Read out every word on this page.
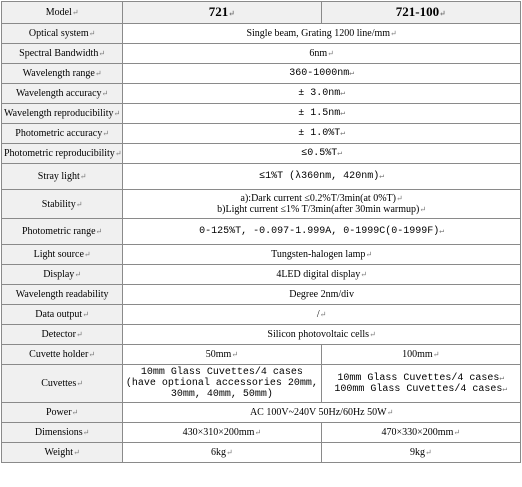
Model↵	721↵	721-100↵
Optical system↵	Single beam, Grating 1200 line/mm↵	
Spectral Bandwidth↵	6nm↵	
Wavelength range↵	360-1000nm↵	
Wavelength accuracy↵	± 3.0nm↵	
Wavelength reproducibility↵	± 1.5nm↵	
Photometric accuracy↵	± 1.0%T↵	
Photometric reproducibility↵	≤0.5%T↵	
Stray light↵	≤1%T (λ360nm, 420nm)↵	
Stability↵	a):Dark current ≤0.2%T/3min(at 0%T)↵
b)Light current ≤1% T/3min(after 30min warmup)↵	

Photometric range↵	0-125%T, -0.097-1.999A, 0-1999C(0-1999F)↵	
Light source↵	Tungsten-halogen lamp↵	
Display↵	4LED digital display↵	
Wavelength readability	Degree 2nm/div	
Data output↵	/↵	
Detector↵	Silicon photovoltaic cells↵	
Cuvette holder↵	50mm↵	100mm↵
Cuvettes↵	10mm Glass Cuvettes/4 cases
(have optional accessories 20mm,
30mm, 40mm, 50mm)	10mm Glass Cuvettes/4 cases↵
100mm Glass Cuvettes/4 cases↵

Power↵	AC 100V~240V 50Hz/60Hz 50W↵	
Dimensions↵	430×310×200mm↵	470×330×200mm↵
Weight↵	6kg↵	9kg↵
